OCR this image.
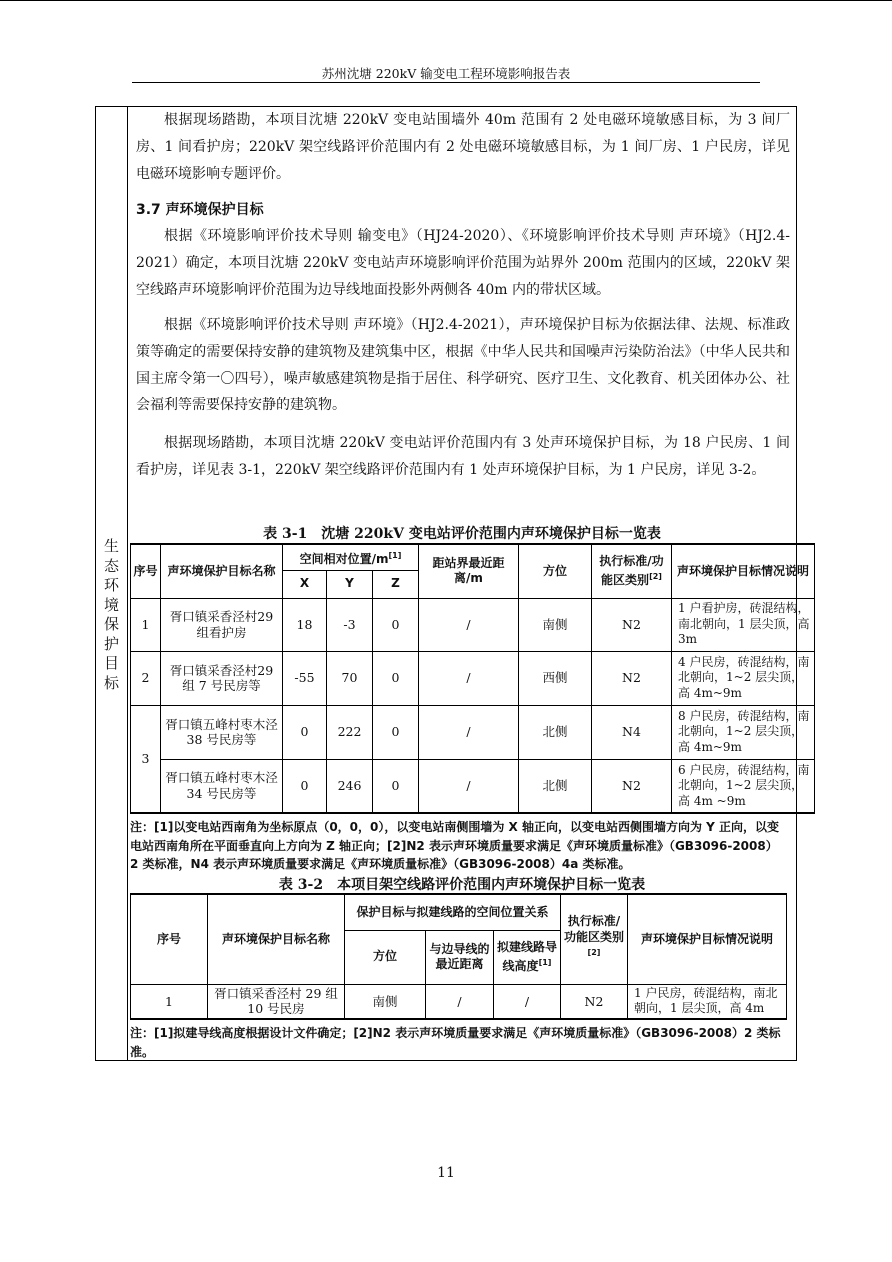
苏州沈塘 220kV 输变电工程环境影响报告表
生
态
环
境
保
护
目
标

根据现场踏勘，本项目沈塘 220kV 变电站围墙外 40m 范围有 2 处电磁环境敏感目标，为 3 间厂房、1 间看护房；220kV 架空线路评价范围内有 2 处电磁环境敏感目标，为 1 间厂房、1 户民房，详见电磁环境影响专题评价。

3.7 声环境保护目标

根据《环境影响评价技术导则 输变电》（HJ24-2020）、《环境影响评价技术导则 声环境》（HJ2.4-2021）确定，本项目沈塘 220kV 变电站声环境影响评价范围为站界外 200m 范围内的区域，220kV 架空线路声环境影响评价范围为边导线地面投影外两侧各 40m 内的带状区域。

根据《环境影响评价技术导则 声环境》（HJ2.4-2021），声环境保护目标为依据法律、法规、标准政策等确定的需要保持安静的建筑物及建筑集中区，根据《中华人民共和国噪声污染防治法》（中华人民共和国主席令第一〇四号），噪声敏感建筑物是指于居住、科学研究、医疗卫生、文化教育、机关团体办公、社会福利等需要保持安静的建筑物。

根据现场踏勘，本项目沈塘 220kV 变电站评价范围内有 3 处声环境保护目标，为 18 户民房、1 间看护房，详见表 3-1，220kV 架空线路评价范围内有 1 处声环境保护目标，为 1 户民房，详见 3-2。

表 3-1　沈塘 220kV 变电站评价范围内声环境保护目标一览表
序号	声环境保护目标名称	空间相对位置/m[1]			距站界最近距离/m	方位	执行标准/功能区类别[2]	声环境保护目标情况说明
		X	Y	Z				
1	胥口镇采香泾村29 组看护房	18	-3	0	/	南侧	N2	1 户看护房，砖混结构，南北朝向，1 层尖顶，高 3m
2	胥口镇采香泾村29 组 7 号民房等	-55	70	0	/	西侧	N2	4 户民房，砖混结构，南北朝向，1~2 层尖顶，高 4m~9m
3	胥口镇五峰村枣木泾 38 号民房等	0	222	0	/	北侧	N4	8 户民房，砖混结构，南北朝向，1~2 层尖顶，高 4m~9m
	胥口镇五峰村枣木泾 34 号民房等	0	246	0	/	北侧	N2	6 户民房，砖混结构，南北朝向，1~2 层尖顶，高 4m ~9m
注：[1]以变电站西南角为坐标原点（0，0，0），以变电站南侧围墙为 X 轴正向，以变电站西侧围墙方向为 Y 正向，以变电站西南角所在平面垂直向上方向为 Z 轴正向；[2]N2 表示声环境质量要求满足《声环境质量标准》（GB3096-2008）2 类标准，N4 表示声环境质量要求满足《声环境质量标准》（GB3096-2008）4a 类标准。
表 3-2　本项目架空线路评价范围内声环境保护目标一览表
序号	声环境保护目标名称	保护目标与拟建线路的空间位置关系			执行标准/功能区类别[2]	声环境保护目标情况说明
		方位	与边导线的最近距离	拟建线路导线高度[1]
1	胥口镇采香泾村 29 组10 号民房	南侧	/	/	N2	1 户民房，砖混结构，南北朝向，1 层尖顶，高 4m
注：[1]拟建导线高度根据设计文件确定；[2]N2 表示声环境质量要求满足《声环境质量标准》（GB3096-2008）2 类标准。
11
